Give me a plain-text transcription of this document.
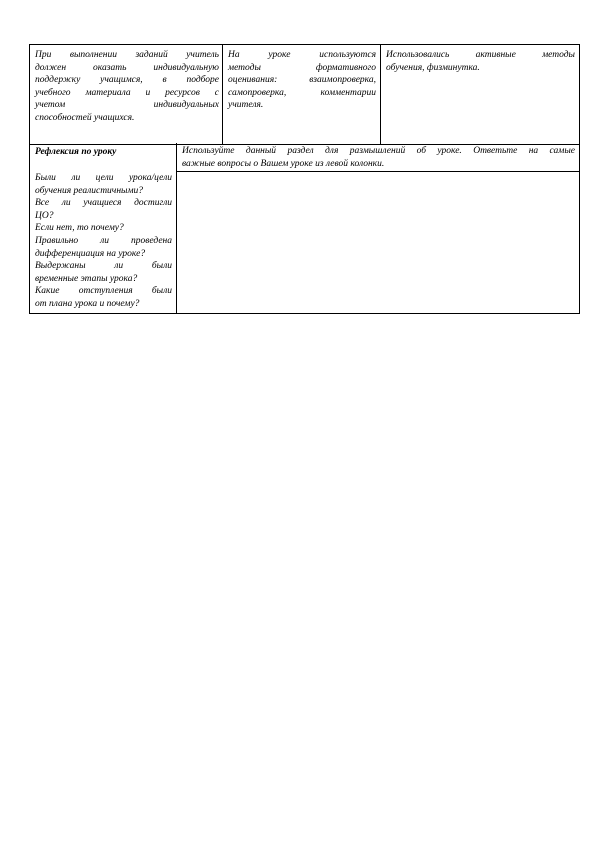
При выполнении заданий учитель
должен оказать индивидуальную
поддержку учащимся, в подборе
учебного материала и ресурсов с
учетом индивидуальных
способностей учащихся.
На уроке используются
методы формативного
оценивания: взаимопроверка,
самопроверка, комментарии
учителя.
Использовались активные методы
обучения, физминутка.
Рефлексия по уроку
Были ли цели урока/цели
обучения реалистичными?
Все ли учащиеся достигли
ЦО?
Если нет, то почему?
Правильно ли проведена
дифференциация на уроке?
Выдержаны ли были
временные этапы урока?
Какие отступления были
от плана урока и почему?
Используйте данный раздел для размышлений об уроке. Ответьте на самые
важные вопросы о Вашем уроке из левой колонки.
